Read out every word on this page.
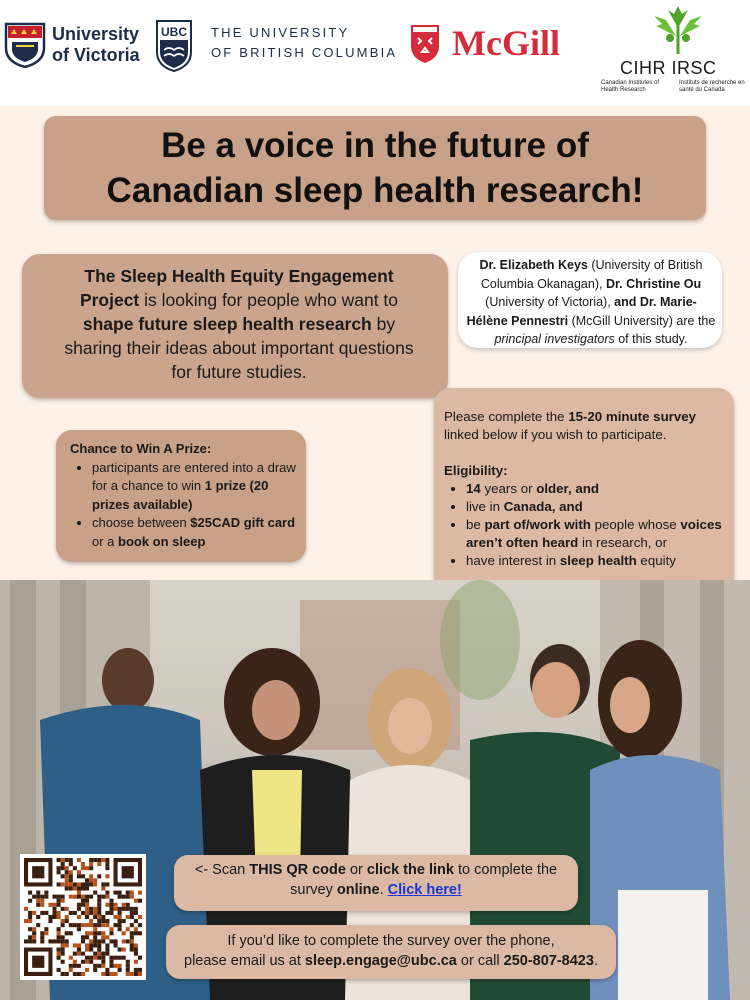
University
of Victoria
UBC THE UNIVERSITY
OF BRITISH COLUMBIA McGill
CIHR IRSC
Canadian Institutes of Health Research
Instituts de recherche en santé du Canada
Be a voice in the future of
Canadian sleep health research!
The Sleep Health Equity Engagement Project is looking for people who want to shape future sleep health research by sharing their ideas about important questions for future studies.
Dr. Elizabeth Keys (University of British Columbia Okanagan), Dr. Christine Ou (University of Victoria), and Dr. Marie-Hélène Pennestri (McGill University) are the principal investigators of this study.
Please complete the 15-20 minute survey linked below if you wish to participate.
Eligibility:
• 14 years or older, and
• live in Canada, and
• be part of/work with people whose voices aren’t often heard in research, or
• have interest in sleep health equity
Chance to Win A Prize:
• participants are entered into a draw for a chance to win 1 prize (20 prizes available)
• choose between $25CAD gift card or a book on sleep
<- Scan THIS QR code or click the link to complete the survey online. Click here!
If you’d like to complete the survey over the phone,
please email us at sleep.engage@ubc.ca or call 250-807-8423.
